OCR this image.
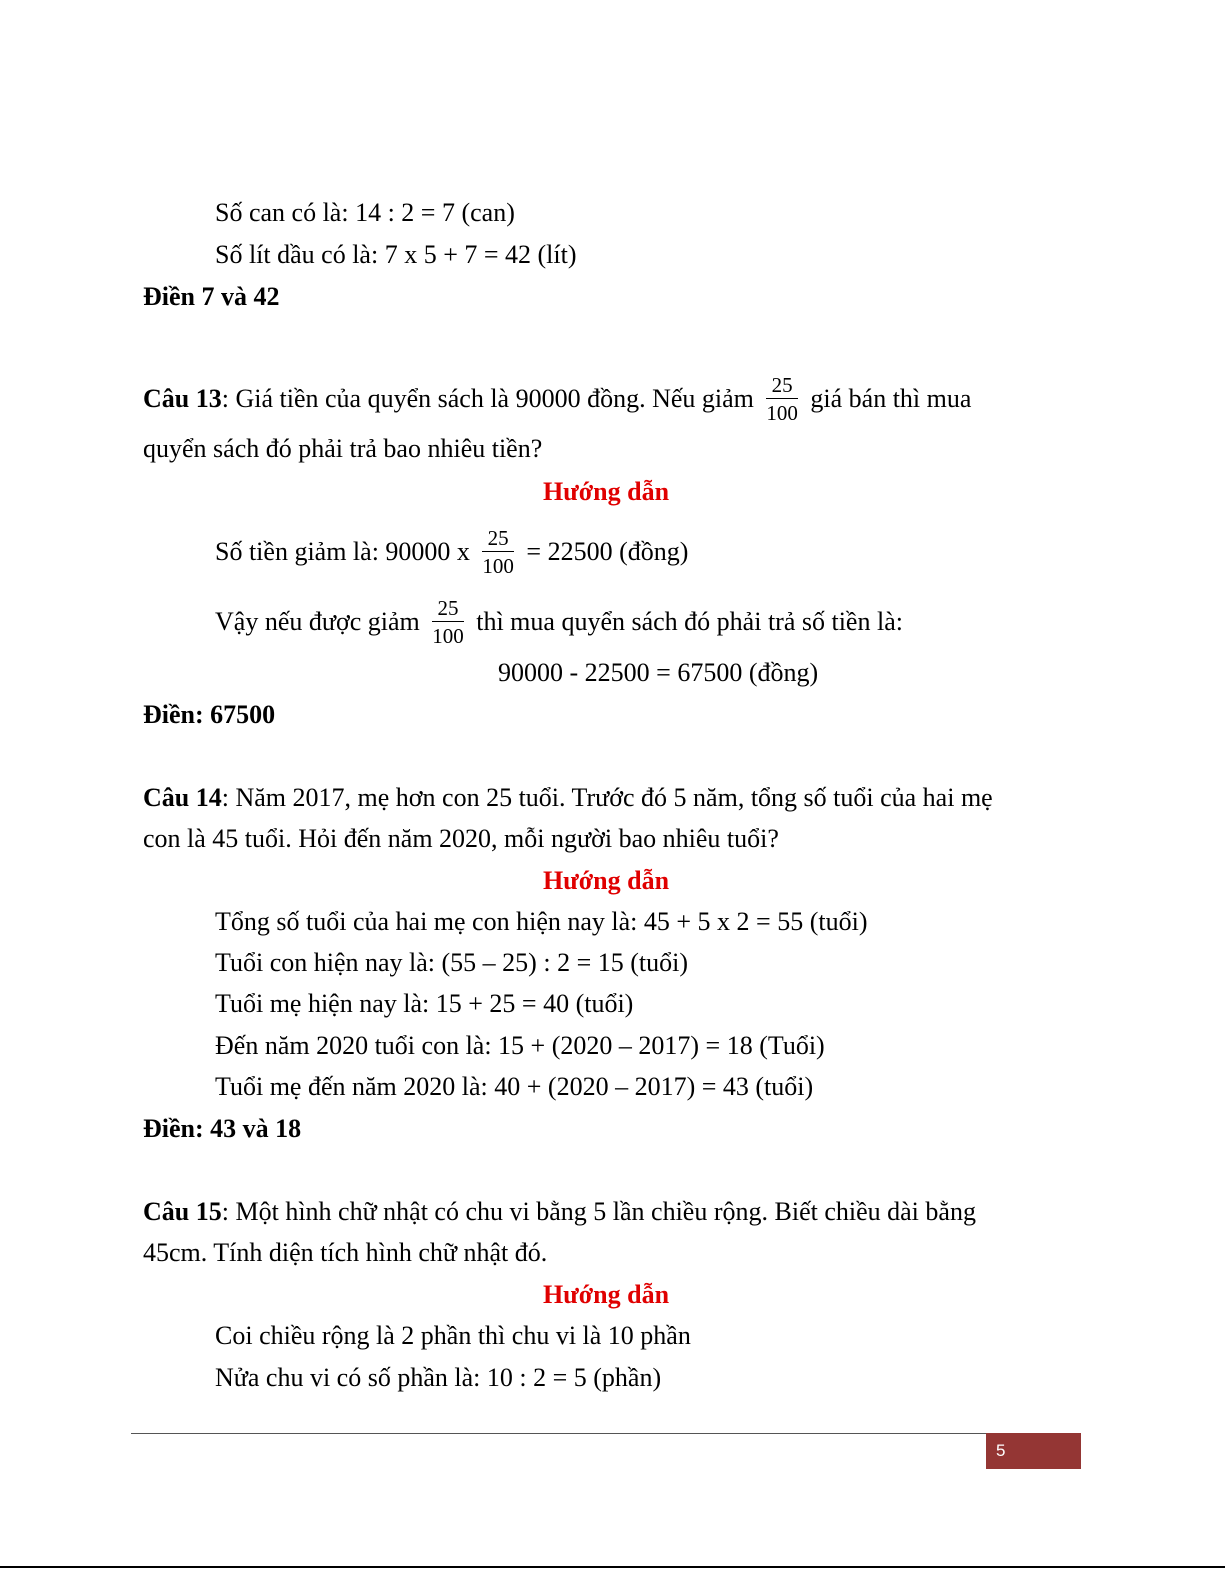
Số can có là: 14 : 2 = 7 (can)
Số lít dầu có là: 7 x 5 + 7 = 42 (lít)
Điền 7 và 42
Câu 13: Giá tiền của quyển sách là 90000 đồng. Nếu giảm $\frac{25}{100}$ giá bán thì mua
quyển sách đó phải trả bao nhiêu tiền?
Hướng dẫn
Số tiền giảm là: 90000 x $\frac{25}{100} = 22500$ (đồng)
Vậy nếu được giảm $\frac{25}{100}$ thì mua quyển sách đó phải trả số tiền là:
90000 - 22500 = 67500 (đồng)
Điền: 67500
Câu 14: Năm 2017, mẹ hơn con 25 tuổi. Trước đó 5 năm, tổng số tuổi của hai mẹ
con là 45 tuổi. Hỏi đến năm 2020, mỗi người bao nhiêu tuổi?
Hướng dẫn
Tổng số tuổi của hai mẹ con hiện nay là: 45 + 5 x 2 = 55 (tuổi)
Tuổi con hiện nay là: (55 – 25) : 2 = 15 (tuổi)
Tuổi mẹ hiện nay là: 15 + 25 = 40 (tuổi)
Đến năm 2020 tuổi con là: 15 + (2020 – 2017) = 18 (Tuổi)
Tuổi mẹ đến năm 2020 là: 40 + (2020 – 2017) = 43 (tuổi)
Điền: 43 và 18
Câu 15: Một hình chữ nhật có chu vi bằng 5 lần chiều rộng. Biết chiều dài bằng
45cm. Tính diện tích hình chữ nhật đó.
Hướng dẫn
Coi chiều rộng là 2 phần thì chu vi là 10 phần
Nửa chu vi có số phần là: 10 : 2 = 5 (phần)
5
